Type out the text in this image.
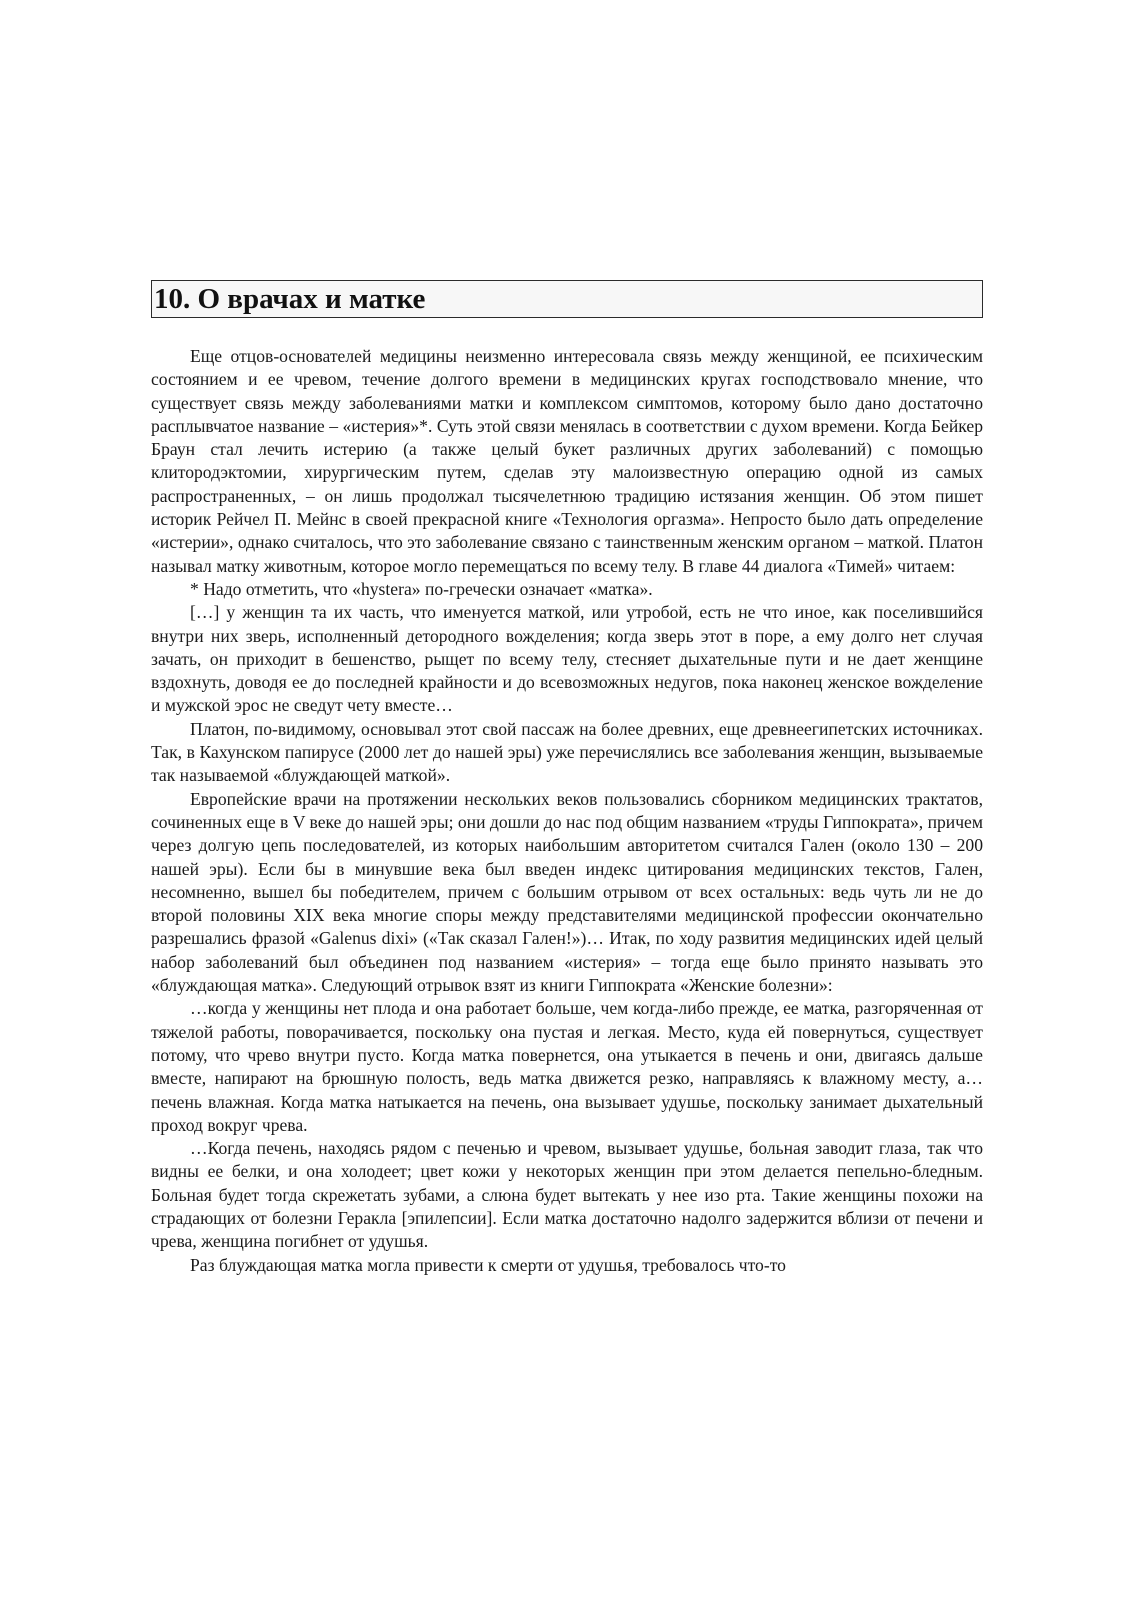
10. О врачах и матке

Еще отцов-основателей медицины неизменно интересовала связь между женщиной, ее психическим состоянием и ее чревом, течение долгого времени в медицинских кругах господствовало мнение, что существует связь между заболеваниями матки и комплексом симптомов, которому было дано достаточно расплывчатое название – «истерия»*. Суть этой связи менялась в соответствии с духом времени. Когда Бейкер Браун стал лечить истерию (а также целый букет различных других заболеваний) с помощью клитородэктомии, хирургическим путем, сделав эту малоизвестную операцию одной из самых распространенных, – он лишь продолжал тысячелетнюю традицию истязания женщин. Об этом пишет историк Рейчел П. Мейнс в своей прекрасной книге «Технология оргазма». Непросто было дать определение «истерии», однако считалось, что это заболевание связано с таинственным женским органом – маткой. Платон называл матку животным, которое могло перемещаться по всему телу. В главе 44 диалога «Тимей» читаем:

* Надо отметить, что «hystera» по-гречески означает «матка».

[…] у женщин та их часть, что именуется маткой, или утробой, есть не что иное, как поселившийся внутри них зверь, исполненный детородного вожделения; когда зверь этот в поре, а ему долго нет случая зачать, он приходит в бешенство, рыщет по всему телу, стесняет дыхательные пути и не дает женщине вздохнуть, доводя ее до последней крайности и до всевозможных недугов, пока наконец женское вожделение и мужской эрос не сведут чету вместе…

Платон, по-видимому, основывал этот свой пассаж на более древних, еще древнеегипетских источниках. Так, в Кахунском папирусе (2000 лет до нашей эры) уже перечислялись все заболевания женщин, вызываемые так называемой «блуждающей маткой».

Европейские врачи на протяжении нескольких веков пользовались сборником медицинских трактатов, сочиненных еще в V веке до нашей эры; они дошли до нас под общим названием «труды Гиппократа», причем через долгую цепь последователей, из которых наибольшим авторитетом считался Гален (около 130 – 200 нашей эры). Если бы в минувшие века был введен индекс цитирования медицинских текстов, Гален, несомненно, вышел бы победителем, причем с большим отрывом от всех остальных: ведь чуть ли не до второй половины XIX века многие споры между представителями медицинской профессии окончательно разрешались фразой «Galenus dixi» («Так сказал Гален!»)… Итак, по ходу развития медицинских идей целый набор заболеваний был объединен под названием «истерия» – тогда еще было принято называть это «блуждающая матка». Следующий отрывок взят из книги Гиппократа «Женские болезни»:

…когда у женщины нет плода и она работает больше, чем когда-либо прежде, ее матка, разгоряченная от тяжелой работы, поворачивается, поскольку она пустая и легкая. Место, куда ей повернуться, существует потому, что чрево внутри пусто. Когда матка повернется, она утыкается в печень и они, двигаясь дальше вместе, напирают на брюшную полость, ведь матка движется резко, направляясь к влажному месту, а… печень влажная. Когда матка натыкается на печень, она вызывает удушье, поскольку занимает дыхательный проход вокруг чрева.

…Когда печень, находясь рядом с печенью и чревом, вызывает удушье, больная заводит глаза, так что видны ее белки, и она холодеет; цвет кожи у некоторых женщин при этом делается пепельно-бледным. Больная будет тогда скрежетать зубами, а слюна будет вытекать у нее изо рта. Такие женщины похожи на страдающих от болезни Геракла [эпилепсии]. Если матка достаточно надолго задержится вблизи от печени и чрева, женщина погибнет от удушья.

Раз блуждающая матка могла привести к смерти от удушья, требовалось что-то
